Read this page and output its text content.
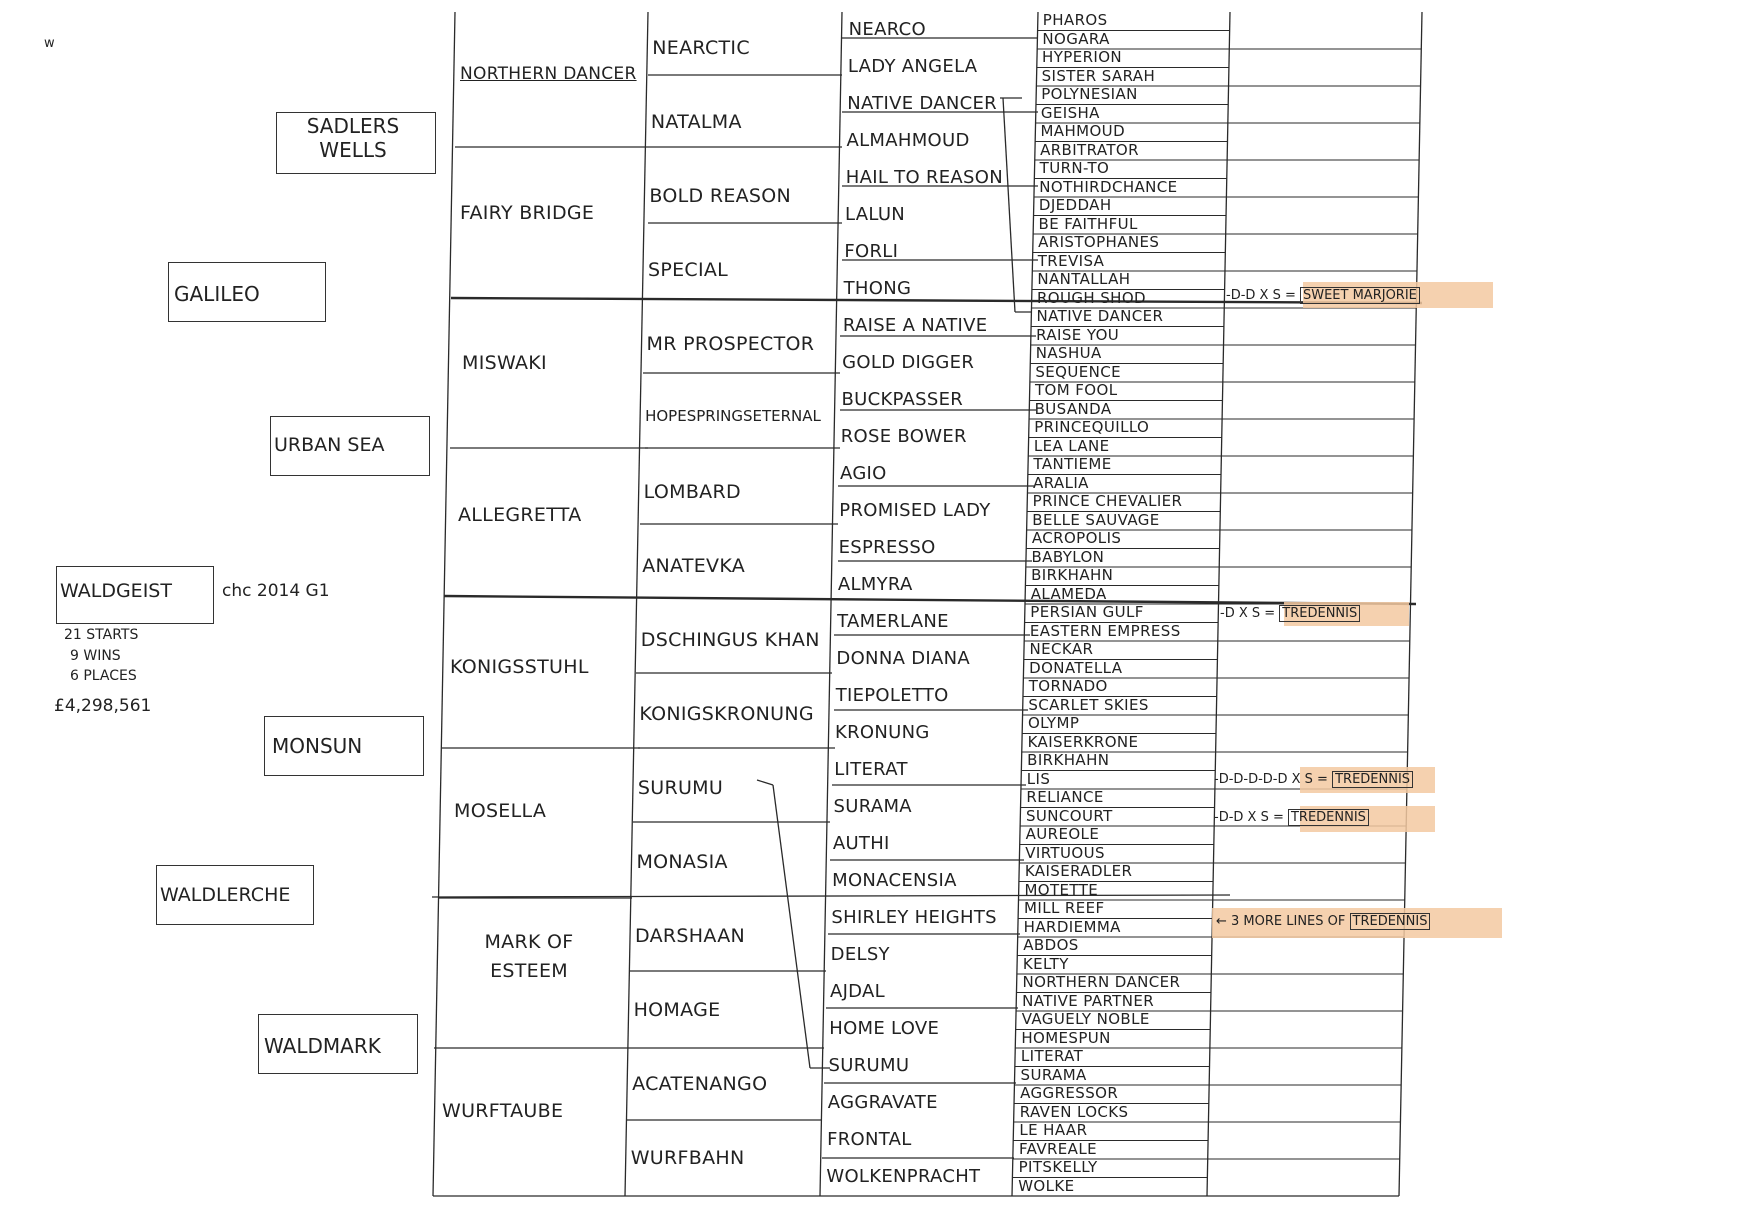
w
WALDGEIST	chc 2014 G1
21 STARTS
9 WINS
6 PLACES
£4,298,561
GALILEO
WALDLERCHE
SADLERS WELLS
URBAN SEA
MONSUN
WALDMARK
NORTHERN DANCER
FAIRY BRIDGE
MISWAKI
ALLEGRETTA
KONIGSSTUHL
MOSELLA
MARK OF ESTEEM
WURFTAUBE
NEARCTIC
NATALMA
BOLD REASON
SPECIAL
MR PROSPECTOR
HOPESPRINGSETERNAL
LOMBARD
ANATEVKA
DSCHINGUS KHAN
KONIGSKRONUNG
SURUMU
MONASIA
DARSHAAN
HOMAGE
ACATENANGO
WURFBAHN
NEARCO
LADY ANGELA
NATIVE DANCER
ALMAHMOUD
HAIL TO REASON
LALUN
FORLI
THONG
RAISE A NATIVE
GOLD DIGGER
BUCKPASSER
ROSE BOWER
AGIO
PROMISED LADY
ESPRESSO
ALMYRA
TAMERLANE
DONNA DIANA
TIEPOLETTO
KRONUNG
LITERAT
SURAMA
AUTHI
MONACENSIA
SHIRLEY HEIGHTS
DELSY
AJDAL
HOME LOVE
SURUMU
AGGRAVATE
FRONTAL
WOLKENPRACHT
PHAROS
NOGARA
HYPERION
SISTER SARAH
POLYNESIAN
GEISHA
MAHMOUD
ARBITRATOR
TURN-TO
NOTHIRDCHANCE
DJEDDAH
BE FAITHFUL
ARISTOPHANES
TREVISA
NANTALLAH
ROUGH SHOD
NATIVE DANCER
RAISE YOU
NASHUA
SEQUENCE
TOM FOOL
BUSANDA
PRINCEQUILLO
LEA LANE
TANTIEME
ARALIA
PRINCE CHEVALIER
BELLE SAUVAGE
ACROPOLIS
BABYLON
BIRKHAHN
ALAMEDA
PERSIAN GULF
EASTERN EMPRESS
NECKAR
DONATELLA
TORNADO
SCARLET SKIES
OLYMP
KAISERKRONE
BIRKHAHN
LIS
RELIANCE
SUNCOURT
AUREOLE
VIRTUOUS
KAISERADLER
MOTETTE
MILL REEF
HARDIEMMA
ABDOS
KELTY
NORTHERN DANCER
NATIVE PARTNER
VAGUELY NOBLE
HOMESPUN
LITERAT
SURAMA
AGGRESSOR
RAVEN LOCKS
LE HAAR
FAVREALE
PITSKELLY
WOLKE
-D-D X S = SWEET MARJORIE
-D X S = TREDENNIS
-D-D-D-D-D X S = TREDENNIS
-D-D X S = TREDENNIS
← 3 MORE LINES OF TREDENNIS
